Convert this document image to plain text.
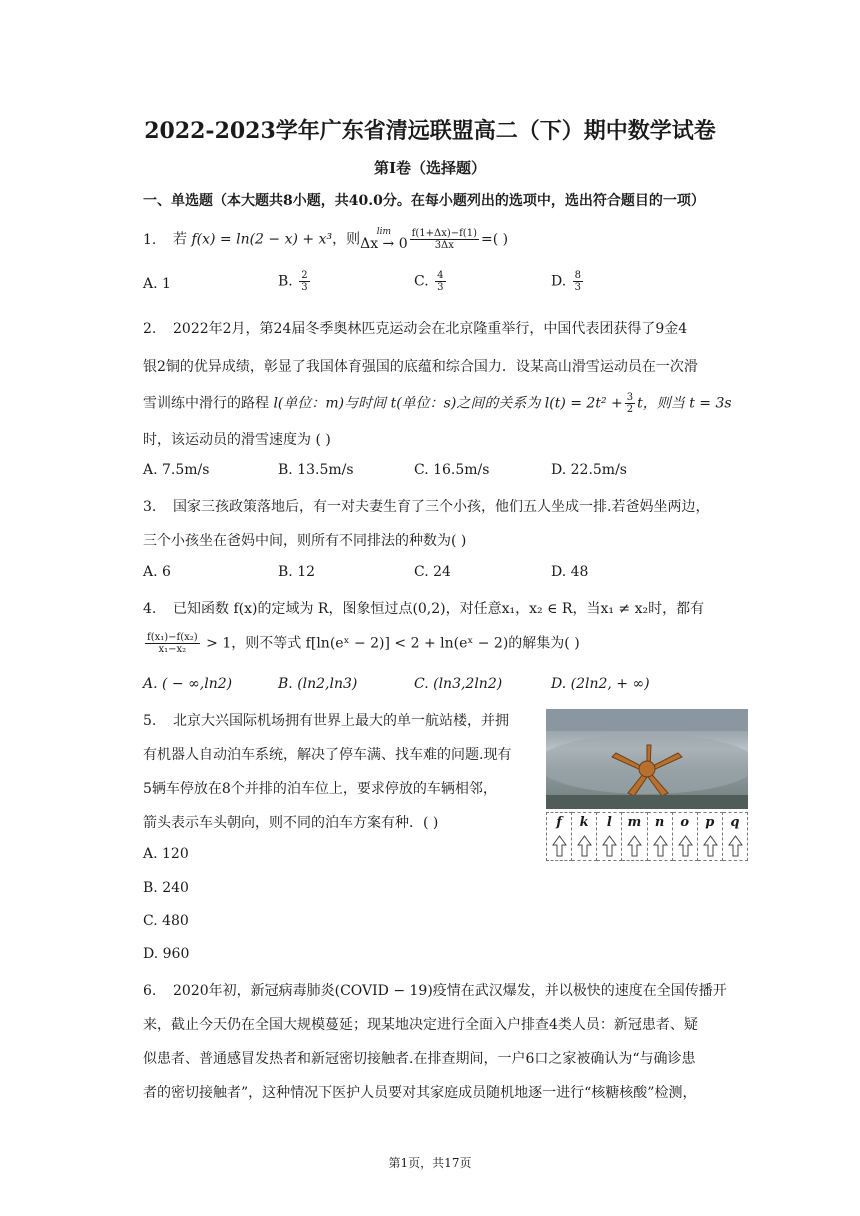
2022-2023学年广东省清远联盟高二（下）期中数学试卷
第I卷（选择题）
一、单选题（本大题共8小题，共40.0分。在每小题列出的选项中，选出符合题目的一项）
1. 若 f(x) = ln(2 − x) + x³，则	lim
$\Delta x \to 0 \frac{f(1+\Delta x)-f(1)}{3\Delta x}$ =( )
A. 1	B. $\frac{2}{3}$	C. $\frac{4}{3}$	D. $\frac{8}{3}$
2. 2022年2月，第24届冬季奥林匹克运动会在北京隆重举行，中国代表团获得了9金4
银2铜的优异成绩，彰显了我国体育强国的底蕴和综合国力．设某高山滑雪运动员在一次滑
雪训练中滑行的路程 l(单位：m)与时间 t(单位：s)之间的关系为 $l(t) = 2t^2 + \frac{3}{2}$ t，则当 t = 3s
时，该运动员的滑雪速度为 ( )
A. 7.5m/s	B. 13.5m/s	C. 16.5m/s	D. 22.5m/s
3. 国家三孩政策落地后，有一对夫妻生育了三个小孩，他们五人坐成一排.若爸妈坐两边，
三个小孩坐在爸妈中间，则所有不同排法的种数为( )
A. 6	B. 12	C. 24	D. 48
4. 已知函数 f(x)的定域为 R，图象恒过点(0,2)，对任意x₁，x₂ ∈ R，当x₁ ≠ x₂时，都有
$\frac{\text{f(x₁)−f(x₂)}}{\text{x₁−x₂}} > 1$，则不等式 f[ln(eˣ − 2)] < 2 + ln(eˣ − 2)的解集为( )
A. ( − ∞,ln2)	B. (ln2,ln3)	C. (ln3,2ln2)	D. (2ln2, + ∞)
5. 北京大兴国际机场拥有世界上最大的单一航站楼，并拥
有机器人自动泊车系统，解决了停车满、找车难的问题.现有
5辆车停放在8个并排的泊车位上，要求停放的车辆相邻，
箭头表示车头朝向，则不同的泊车方案有种．( )
A. 120
B. 240
C. 480
D. 960
f	k	l	m	n	o	p	q
6. 2020年初，新冠病毒肺炎(COVID − 19)疫情在武汉爆发，并以极快的速度在全国传播开
来，截止今天仍在全国大规模蔓延；现某地决定进行全面入户排查4类人员：新冠患者、疑
似患者、普通感冒发热者和新冠密切接触者.在排查期间，一户6口之家被确认为“与确诊患
者的密切接触者”，这种情况下医护人员要对其家庭成员随机地逐一进行“核糖核酸”检测，
第1页，共17页
